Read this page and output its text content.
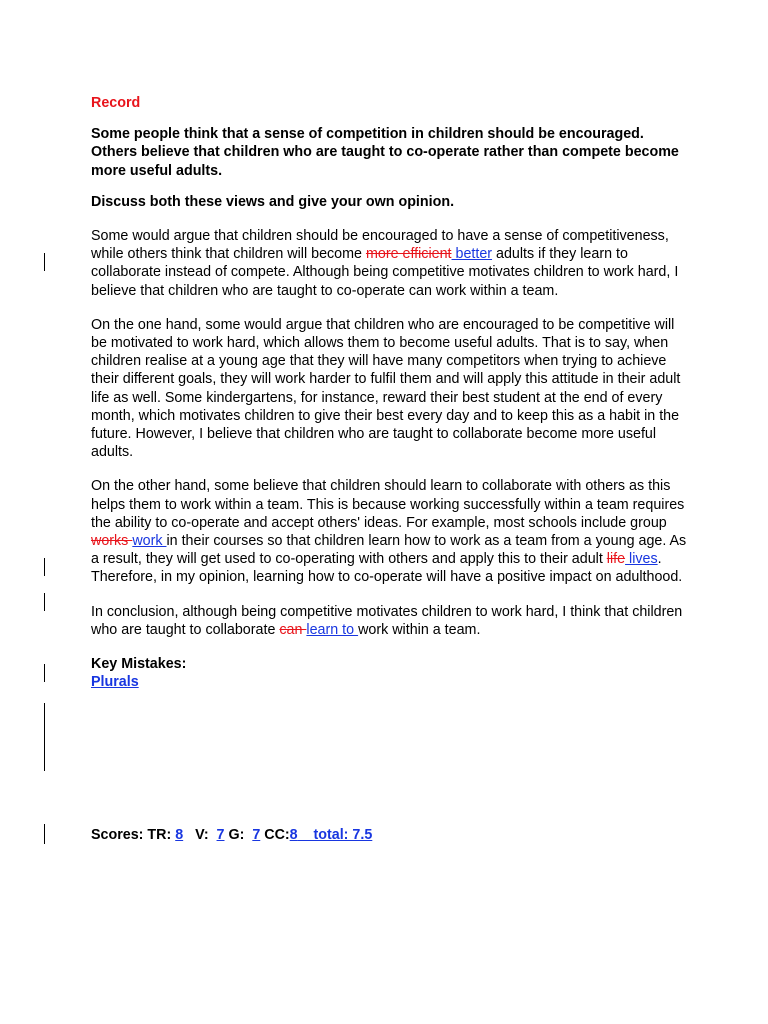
Record
Some people think that a sense of competition in children should be encouraged. Others believe that children who are taught to co-operate rather than compete become more useful adults.
Discuss both these views and give your own opinion.

Some would argue that children should be encouraged to have a sense of competitiveness, while others think that children will become more efficient better adults if they learn to collaborate instead of compete. Although being competitive motivates children to work hard, I believe that children who are taught to co-operate can work within a team.

On the one hand, some would argue that children who are encouraged to be competitive will be motivated to work hard, which allows them to become useful adults. That is to say, when children realise at a young age that they will have many competitors when trying to achieve their different goals, they will work harder to fulfil them and will apply this attitude in their adult life as well. Some kindergartens, for instance, reward their best student at the end of every month, which motivates children to give their best every day and to keep this as a habit in the future. However, I believe that children who are taught to collaborate become more useful adults.

On the other hand, some believe that children should learn to collaborate with others as this helps them to work within a team. This is because working successfully within a team requires the ability to co-operate and accept others' ideas. For example, most schools include group works work in their courses so that children learn how to work as a team from a young age. As a result, they will get used to co-operating with others and apply this to their adult life lives. Therefore, in my opinion, learning how to co-operate will have a positive impact on adulthood.

In conclusion, although being competitive motivates children to work hard, I think that children who are taught to collaborate can learn to work within a team.

Key Mistakes:
Plurals
Scores: TR: 8   V:  7 G:  7 CC:8 total: 7.5
